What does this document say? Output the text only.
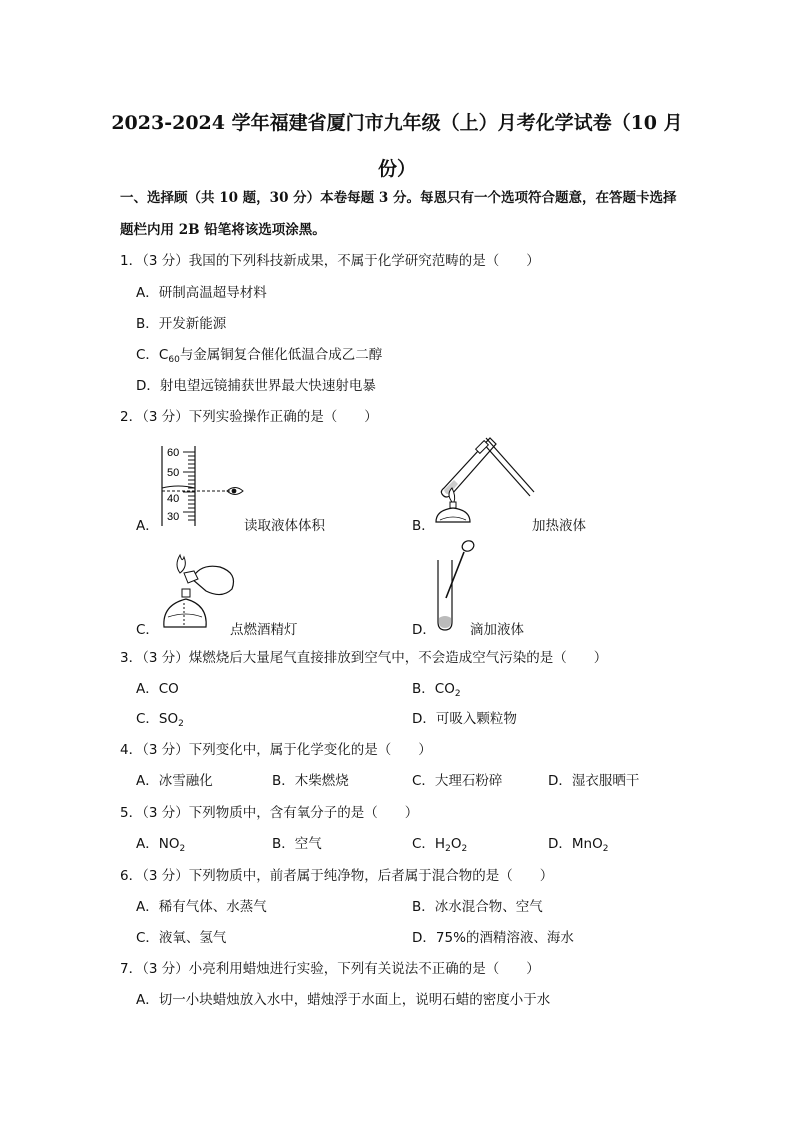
2023-2024 学年福建省厦门市九年级（上）月考化学试卷（10 月
份）
一、选择顾（共 10 题，30 分）本卷每题 3 分。每恩只有一个选项符合题意，在答题卡选择
题栏内用 2B 铅笔将该选项涂黑。
1．（3 分）我国的下列科技新成果，不属于化学研究范畴的是（　　）
A．研制高温超导材料
B．开发新能源
C．$C_{60}$与金属铜复合催化低温合成乙二醇
D．射电望远镜捕获世界最大快速射电暴
2．（3 分）下列实验操作正确的是（　　）
A．
60
50
40
30
读取液体体积	B．	加热液体
C．	点燃酒精灯	D．	滴加液体
3．（3 分）煤燃烧后大量尾气直接排放到空气中，不会造成空气污染的是（　　）
A．CO	B．$CO_2$
C．$SO_2$	D．可吸入颗粒物
4．（3 分）下列变化中，属于化学变化的是（　　）
A．冰雪融化	B．木柴燃烧	C．大理石粉碎	D．湿衣服晒干
5．（3 分）下列物质中，含有氧分子的是（　　）
A．$NO_2$	B．空气	C．$H_2O_2$	D．MnO$_2$
6．（3 分）下列物质中，前者属于纯净物，后者属于混合物的是（　　）
A．稀有气体、水蒸气	B．冰水混合物、空气
C．液氧、氢气	D．75%的酒精溶液、海水
7．（3 分）小亮利用蜡烛进行实验，下列有关说法不正确的是（　　）
A．切一小块蜡烛放入水中，蜡烛浮于水面上，说明石蜡的密度小于水
